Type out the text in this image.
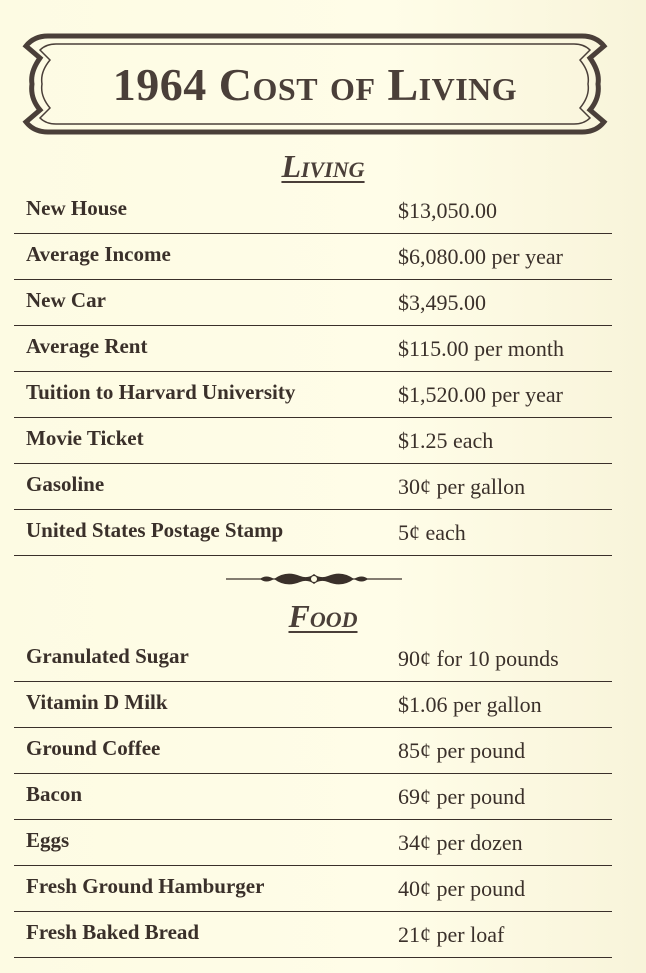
1964 Cost of Living
Living
New House	$13,050.00
Average Income	$6,080.00 per year
New Car	$3,495.00
Average Rent	$115.00 per month
Tuition to Harvard University	$1,520.00 per year
Movie Ticket	$1.25 each
Gasoline	30¢ per gallon
United States Postage Stamp	5¢ each
Food
Granulated Sugar	90¢ for 10 pounds
Vitamin D Milk	$1.06 per gallon
Ground Coffee	85¢ per pound
Bacon	69¢ per pound
Eggs	34¢ per dozen
Fresh Ground Hamburger	40¢ per pound
Fresh Baked Bread	21¢ per loaf
